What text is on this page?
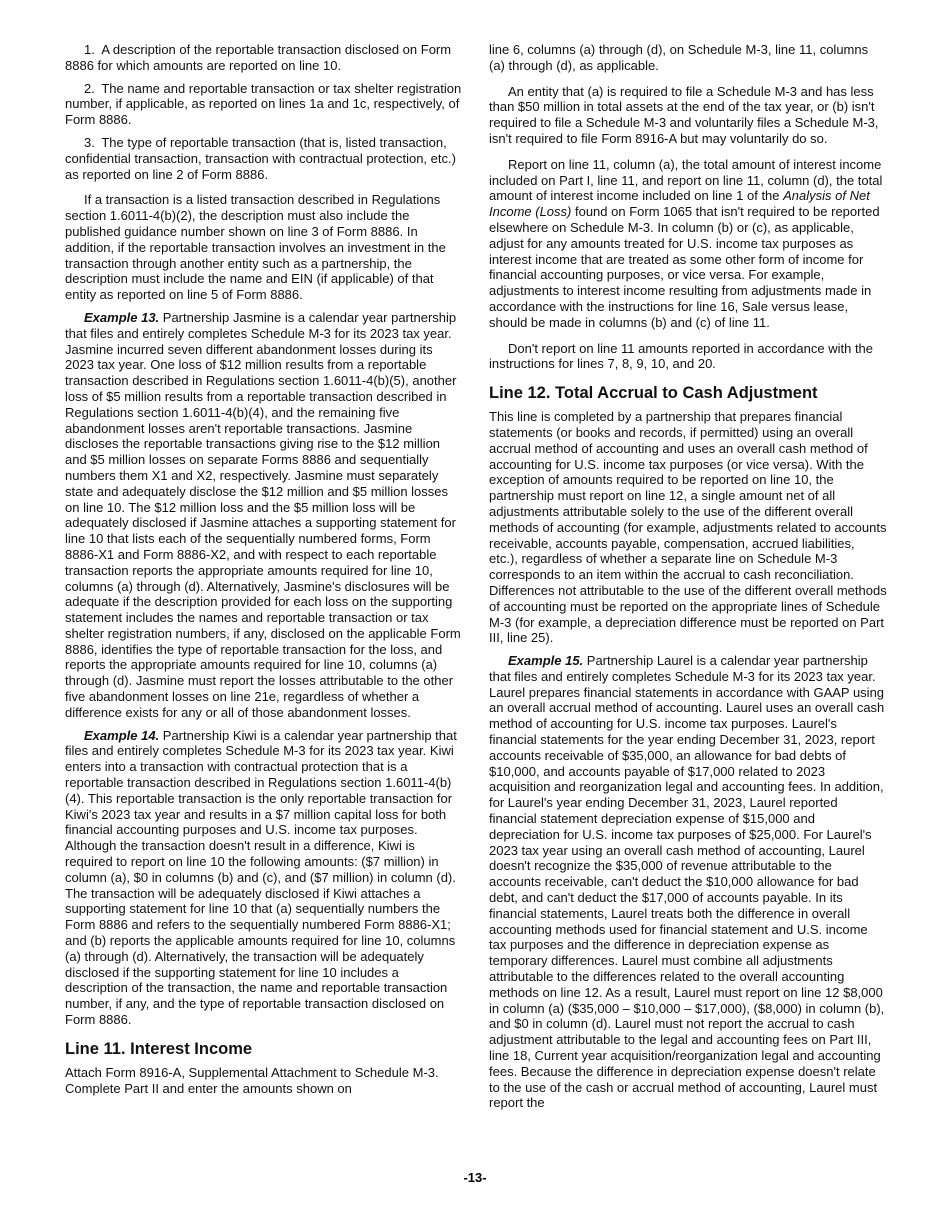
1. A description of the reportable transaction disclosed on Form 8886 for which amounts are reported on line 10.

2. The name and reportable transaction or tax shelter registration number, if applicable, as reported on lines 1a and 1c, respectively, of Form 8886.

3. The type of reportable transaction (that is, listed transaction, confidential transaction, transaction with contractual protection, etc.) as reported on line 2 of Form 8886.

If a transaction is a listed transaction described in Regulations section 1.6011-4(b)(2), the description must also include the published guidance number shown on line 3 of Form 8886. In addition, if the reportable transaction involves an investment in the transaction through another entity such as a partnership, the description must include the name and EIN (if applicable) of that entity as reported on line 5 of Form 8886.

Example 13. Partnership Jasmine is a calendar year partnership that files and entirely completes Schedule M-3 for its 2023 tax year. Jasmine incurred seven different abandonment losses during its 2023 tax year. One loss of $12 million results from a reportable transaction described in Regulations section 1.6011-4(b)(5), another loss of $5 million results from a reportable transaction described in Regulations section 1.6011-4(b)(4), and the remaining five abandonment losses aren't reportable transactions. Jasmine discloses the reportable transactions giving rise to the $12 million and $5 million losses on separate Forms 8886 and sequentially numbers them X1 and X2, respectively. Jasmine must separately state and adequately disclose the $12 million and $5 million losses on line 10. The $12 million loss and the $5 million loss will be adequately disclosed if Jasmine attaches a supporting statement for line 10 that lists each of the sequentially numbered forms, Form 8886-X1 and Form 8886-X2, and with respect to each reportable transaction reports the appropriate amounts required for line 10, columns (a) through (d). Alternatively, Jasmine's disclosures will be adequate if the description provided for each loss on the supporting statement includes the names and reportable transaction or tax shelter registration numbers, if any, disclosed on the applicable Form 8886, identifies the type of reportable transaction for the loss, and reports the appropriate amounts required for line 10, columns (a) through (d). Jasmine must report the losses attributable to the other five abandonment losses on line 21e, regardless of whether a difference exists for any or all of those abandonment losses.

Example 14. Partnership Kiwi is a calendar year partnership that files and entirely completes Schedule M-3 for its 2023 tax year. Kiwi enters into a transaction with contractual protection that is a reportable transaction described in Regulations section 1.6011-4(b)(4). This reportable transaction is the only reportable transaction for Kiwi's 2023 tax year and results in a $7 million capital loss for both financial accounting purposes and U.S. income tax purposes. Although the transaction doesn't result in a difference, Kiwi is required to report on line 10 the following amounts: ($7 million) in column (a), $0 in columns (b) and (c), and ($7 million) in column (d). The transaction will be adequately disclosed if Kiwi attaches a supporting statement for line 10 that (a) sequentially numbers the Form 8886 and refers to the sequentially numbered Form 8886-X1; and (b) reports the applicable amounts required for line 10, columns (a) through (d). Alternatively, the transaction will be adequately disclosed if the supporting statement for line 10 includes a description of the transaction, the name and reportable transaction number, if any, and the type of reportable transaction disclosed on Form 8886.

Line 11. Interest Income

Attach Form 8916-A, Supplemental Attachment to Schedule M-3. Complete Part II and enter the amounts shown on

line 6, columns (a) through (d), on Schedule M-3, line 11, columns (a) through (d), as applicable.

An entity that (a) is required to file a Schedule M-3 and has less than $50 million in total assets at the end of the tax year, or (b) isn't required to file a Schedule M-3 and voluntarily files a Schedule M-3, isn't required to file Form 8916-A but may voluntarily do so.

Report on line 11, column (a), the total amount of interest income included on Part I, line 11, and report on line 11, column (d), the total amount of interest income included on line 1 of the Analysis of Net Income (Loss) found on Form 1065 that isn't required to be reported elsewhere on Schedule M-3. In column (b) or (c), as applicable, adjust for any amounts treated for U.S. income tax purposes as interest income that are treated as some other form of income for financial accounting purposes, or vice versa. For example, adjustments to interest income resulting from adjustments made in accordance with the instructions for line 16, Sale versus lease, should be made in columns (b) and (c) of line 11.

Don't report on line 11 amounts reported in accordance with the instructions for lines 7, 8, 9, 10, and 20.

Line 12. Total Accrual to Cash Adjustment

This line is completed by a partnership that prepares financial statements (or books and records, if permitted) using an overall accrual method of accounting and uses an overall cash method of accounting for U.S. income tax purposes (or vice versa). With the exception of amounts required to be reported on line 10, the partnership must report on line 12, a single amount net of all adjustments attributable solely to the use of the different overall methods of accounting (for example, adjustments related to accounts receivable, accounts payable, compensation, accrued liabilities, etc.), regardless of whether a separate line on Schedule M-3 corresponds to an item within the accrual to cash reconciliation. Differences not attributable to the use of the different overall methods of accounting must be reported on the appropriate lines of Schedule M-3 (for example, a depreciation difference must be reported on Part III, line 25).

Example 15. Partnership Laurel is a calendar year partnership that files and entirely completes Schedule M-3 for its 2023 tax year. Laurel prepares financial statements in accordance with GAAP using an overall accrual method of accounting. Laurel uses an overall cash method of accounting for U.S. income tax purposes. Laurel's financial statements for the year ending December 31, 2023, report accounts receivable of $35,000, an allowance for bad debts of $10,000, and accounts payable of $17,000 related to 2023 acquisition and reorganization legal and accounting fees. In addition, for Laurel's year ending December 31, 2023, Laurel reported financial statement depreciation expense of $15,000 and depreciation for U.S. income tax purposes of $25,000. For Laurel's 2023 tax year using an overall cash method of accounting, Laurel doesn't recognize the $35,000 of revenue attributable to the accounts receivable, can't deduct the $10,000 allowance for bad debt, and can't deduct the $17,000 of accounts payable. In its financial statements, Laurel treats both the difference in overall accounting methods used for financial statement and U.S. income tax purposes and the difference in depreciation expense as temporary differences. Laurel must combine all adjustments attributable to the differences related to the overall accounting methods on line 12. As a result, Laurel must report on line 12 $8,000 in column (a) ($35,000 – $10,000 – $17,000), ($8,000) in column (b), and $0 in column (d). Laurel must not report the accrual to cash adjustment attributable to the legal and accounting fees on Part III, line 18, Current year acquisition/reorganization legal and accounting fees. Because the difference in depreciation expense doesn't relate to the use of the cash or accrual method of accounting, Laurel must report the

-13-
